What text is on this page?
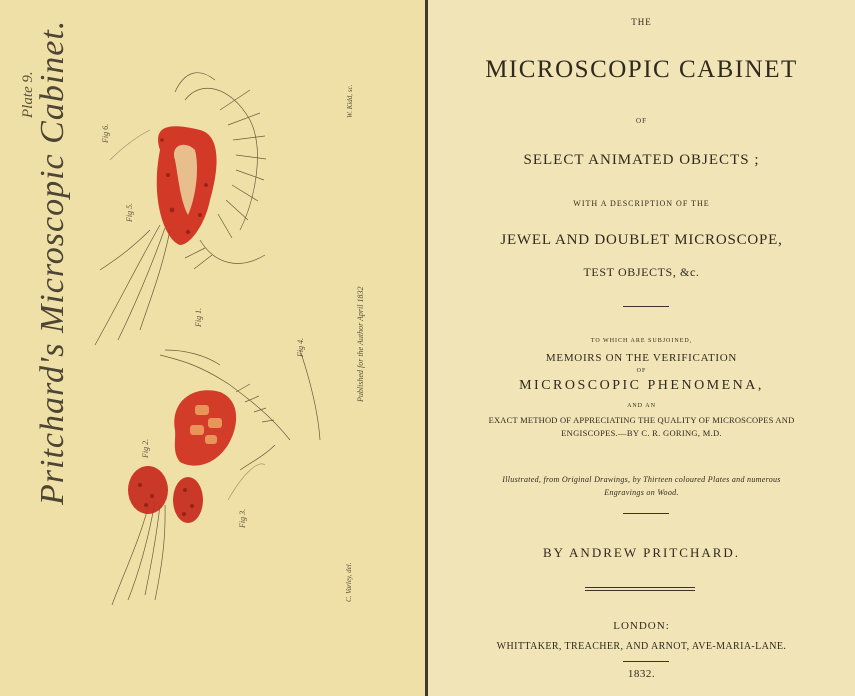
Plate 9.
Pritchard's Microscopic Cabinet.	Published for the Author April 1832
W. Kidd, sc.
C. Varley, del.
Fig 6.
Fig 5.
Fig 1.
Fig 2.
Fig 3.
Fig 4.
THE
MICROSCOPIC CABINET
OF
SELECT ANIMATED OBJECTS ;
WITH A DESCRIPTION OF THE
JEWEL AND DOUBLET MICROSCOPE,
TEST OBJECTS, &c.
TO WHICH ARE SUBJOINED,
MEMOIRS ON THE VERIFICATION
OF
MICROSCOPIC PHENOMENA,
AND AN
EXACT METHOD OF APPRECIATING THE QUALITY OF MICROSCOPES AND
ENGISCOPES.—BY C. R. GORING, M.D.
Illustrated, from Original Drawings, by Thirteen coloured Plates and numerous
Engravings on Wood.
BY ANDREW PRITCHARD.
LONDON:
WHITTAKER, TREACHER, AND ARNOT, AVE-MARIA-LANE.
1832.
